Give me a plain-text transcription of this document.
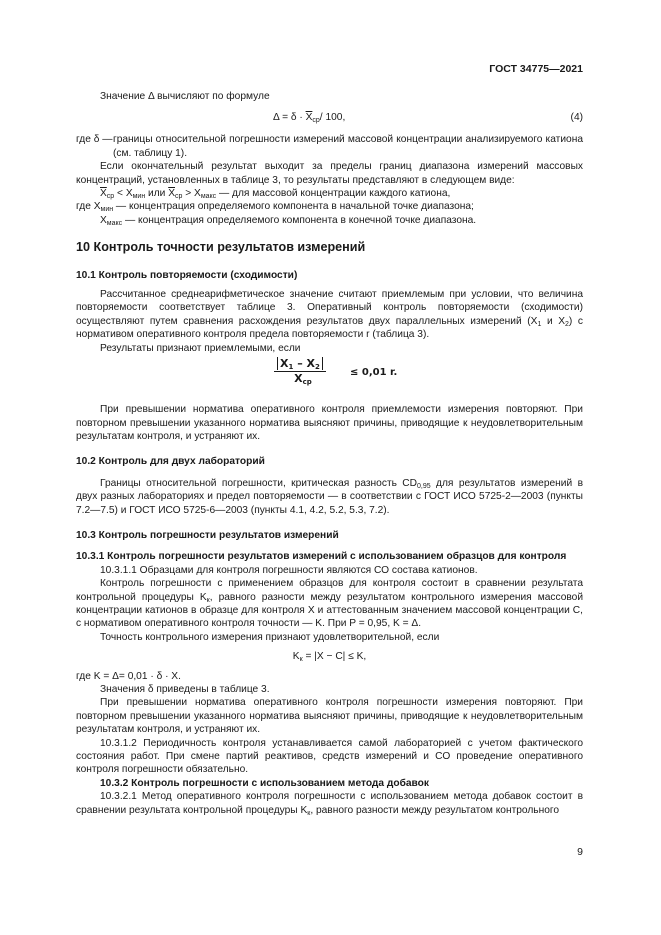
ГОСТ 34775—2021

Значение Δ вычисляют по формуле

$\Delta = \delta \cdot \overline{X}_{ср}/$ 100,	(4)

где δ — границы относительной погрешности измерений массовой концентрации анализируемого катиона (см. таблицу 1).

Если окончательный результат выходит за пределы границ диапазона измерений массовых концентраций, установленных в таблице 3, то результаты представляют в следующем виде:

$\overline{X}_{ср} < X_{мин}$ или $\overline{X}_{ср} > X_{макс}$ — для массовой концентрации каждого катиона,

где $X_{мин}$ — концентрация определяемого компонента в начальной точке диапазона;

$X_{макс}$ — концентрация определяемого компонента в конечной точке диапазона.

10 Контроль точности результатов измерений

10.1 Контроль повторяемости (сходимости)

Рассчитанное среднеарифметическое значение считают приемлемым при условии, что величина повторяемости соответствует таблице 3. Оперативный контроль повторяемости (сходимости) осуществляют путем сравнения расхождения результатов двух параллельных измерений ($X_1$ и $X_2$) с нормативом оперативного контроля предела повторяемости r (таблица 3).

Результаты признают приемлемыми, если

$X_1 - X_2$
$X_{ср}$
≤ 0,01 r.

При превышении норматива оперативного контроля приемлемости измерения повторяют. При повторном превышении указанного норматива выясняют причины, приводящие к неудовлетворительным результатам контроля, и устраняют их.

10.2 Контроль для двух лабораторий

Границы относительной погрешности, критическая разность $CD_{0,95}$ для результатов измерений в двух разных лабораториях и предел повторяемости — в соответствии с ГОСТ ИСО 5725-2—2003 (пункты 7.2—7.5) и ГОСТ ИСО 5725-6—2003 (пункты 4.1, 4.2, 5.2, 5.3, 7.2).

10.3 Контроль погрешности результатов измерений

10.3.1 Контроль погрешности результатов измерений с использованием образцов для контроля

10.3.1.1 Образцами для контроля погрешности являются СО состава катионов.

Контроль погрешности с применением образцов для контроля состоит в сравнении результата контрольной процедуры $K_к$, равного разности между результатом контрольного измерения массовой концентрации катионов в образце для контроля X и аттестованным значением массовой концентрации C, с нормативом оперативного контроля точности — K. При P = 0,95, K = Δ.

Точность контрольного измерения признают удовлетворительной, если

$K_к = |X - C| \le K$,

где K = Δ= 0,01 · δ · X.

Значения δ приведены в таблице 3.

При превышении норматива оперативного контроля погрешности измерения повторяют. При повторном превышении указанного норматива выясняют причины, приводящие к неудовлетворительным результатам контроля, и устраняют их.

10.3.1.2 Периодичность контроля устанавливается самой лабораторией с учетом фактического состояния работ. При смене партий реактивов, средств измерений и СО проведение оперативного контроля погрешности обязательно.

10.3.2 Контроль погрешности с использованием метода добавок

10.3.2.1 Метод оперативного контроля погрешности с использованием метода добавок состоит в сравнении результата контрольной процедуры $K_к$, равного разности между результатом контрольного

9
